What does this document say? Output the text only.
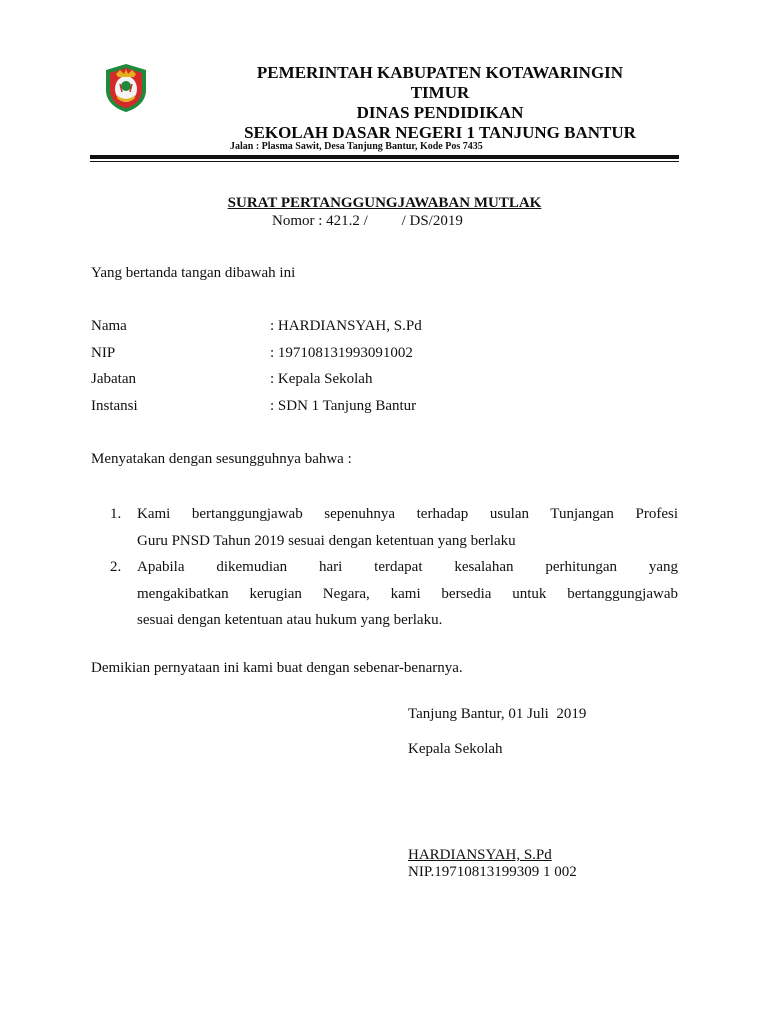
PEMERINTAH KABUPATEN KOTAWARINGIN
TIMUR
DINAS PENDIDIKAN
SEKOLAH DASAR NEGERI 1 TANJUNG BANTUR
Jalan : Plasma Sawit, Desa Tanjung Bantur, Kode Pos 7435
SURAT PERTANGGUNGJAWABAN MUTLAK
Nomor : 421.2 /         / DS/2019
Yang bertanda tangan dibawah ini
Nama	: HARDIANSYAH, S.Pd
NIP	: 197108131993091002
Jabatan	: Kepala Sekolah
Instansi	: SDN 1 Tanjung Bantur
Menyatakan dengan sesungguhnya bahwa :
1. Kami bertanggungjawab sepenuhnya terhadap usulan Tunjangan Profesi
Guru PNSD Tahun 2019 sesuai dengan ketentuan yang berlaku
2. Apabila dikemudian hari terdapat kesalahan perhitungan yang
mengakibatkan kerugian Negara, kami bersedia untuk bertanggungjawab
sesuai dengan ketentuan atau hukum yang berlaku.
Demikian pernyataan ini kami buat dengan sebenar-benarnya.
Tanjung Bantur, 01 Juli  2019
Kepala Sekolah
HARDIANSYAH, S.Pd
NIP.19710813199309 1 002
